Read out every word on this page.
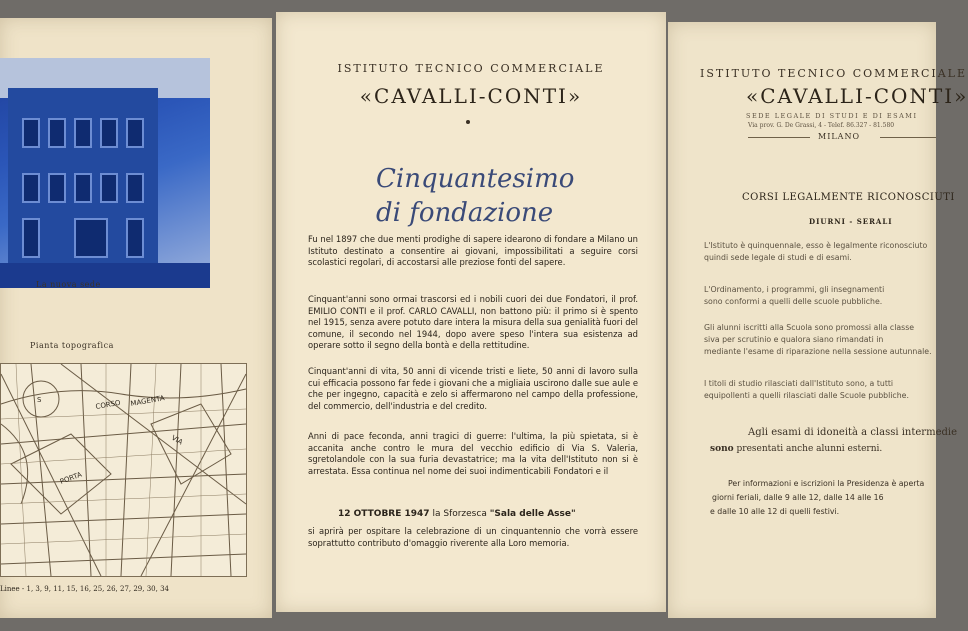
La nuova sede
Pianta topografica
S	CORSO MAGENTA
VIA
PORTA
Linee - 1, 3, 9, 11, 15, 16, 25, 26, 27, 29, 30, 34
ISTITUTO TECNICO COMMERCIALE
«CAVALLI-CONTI»
Cinquantesimo
di fondazione
Fu nel 1897 che due menti prodighe di sapere idearono di fondare a Milano un Istituto destinato a consentire ai giovani, impossibilitati a seguire corsi scolastici regolari, di accostarsi alle preziose fonti del sapere.
Cinquant'anni sono ormai trascorsi ed i nobili cuori dei due Fondatori, il prof. EMILIO CONTI e il prof. CARLO CAVALLI, non battono più: il primo si è spento nel 1915, senza avere potuto dare intera la misura della sua genialità fuori del comune, il secondo nel 1944, dopo avere speso l'intera sua esistenza ad operare sotto il segno della bontà e della rettitudine.
Cinquant'anni di vita, 50 anni di vicende tristi e liete, 50 anni di lavoro sulla cui efficacia possono far fede i giovani che a migliaia uscirono dalle sue aule e che per ingegno, capacità e zelo si affermarono nel campo della professione, del commercio, dell'industria e del credito.
Anni di pace feconda, anni tragici di guerre: l'ultima, la più spietata, si è accanita anche contro le mura del vecchio edificio di Via S. Valeria, sgretolandole con la sua furia devastatrice; ma la vita dell'Istituto non si è arrestata. Essa continua nel nome dei suoi indimenticabili Fondatori e il
12 OTTOBRE 1947 la Sforzesca "Sala delle Asse"
si aprirà per ospitare la celebrazione di un cinquantennio che vorrà essere soprattutto contributo d'omaggio riverente alla Loro memoria.
ISTITUTO TECNICO COMMERCIALE
«CAVALLI-CONTI»
SEDE LEGALE DI STUDI E DI ESAMI
Via prov. G. De Grassi, 4 - Telef. 86.327 - 81.580
MILANO
CORSI LEGALMENTE RICONOSCIUTI
DIURNI - SERALI
L'Istituto è quinquennale, esso è legalmente riconosciuto
quindi sede legale di studi e di esami.
L'Ordinamento, i programmi, gli insegnamenti
sono conformi a quelli delle scuole pubbliche.
Gli alunni iscritti alla Scuola sono promossi alla classe
siva per scrutinio e qualora siano rimandati in
mediante l'esame di riparazione nella sessione autunnale.
I titoli di studio rilasciati dall'Istituto sono, a tutti
equipollenti a quelli rilasciati dalle Scuole pubbliche.
Agli esami di idoneità a classi intermedie
sono presentati anche alunni esterni.
Per informazioni e iscrizioni la Presidenza è aperta
giorni feriali, dalle 9 alle 12, dalle 14 alle 16
e dalle 10 alle 12 di quelli festivi.
